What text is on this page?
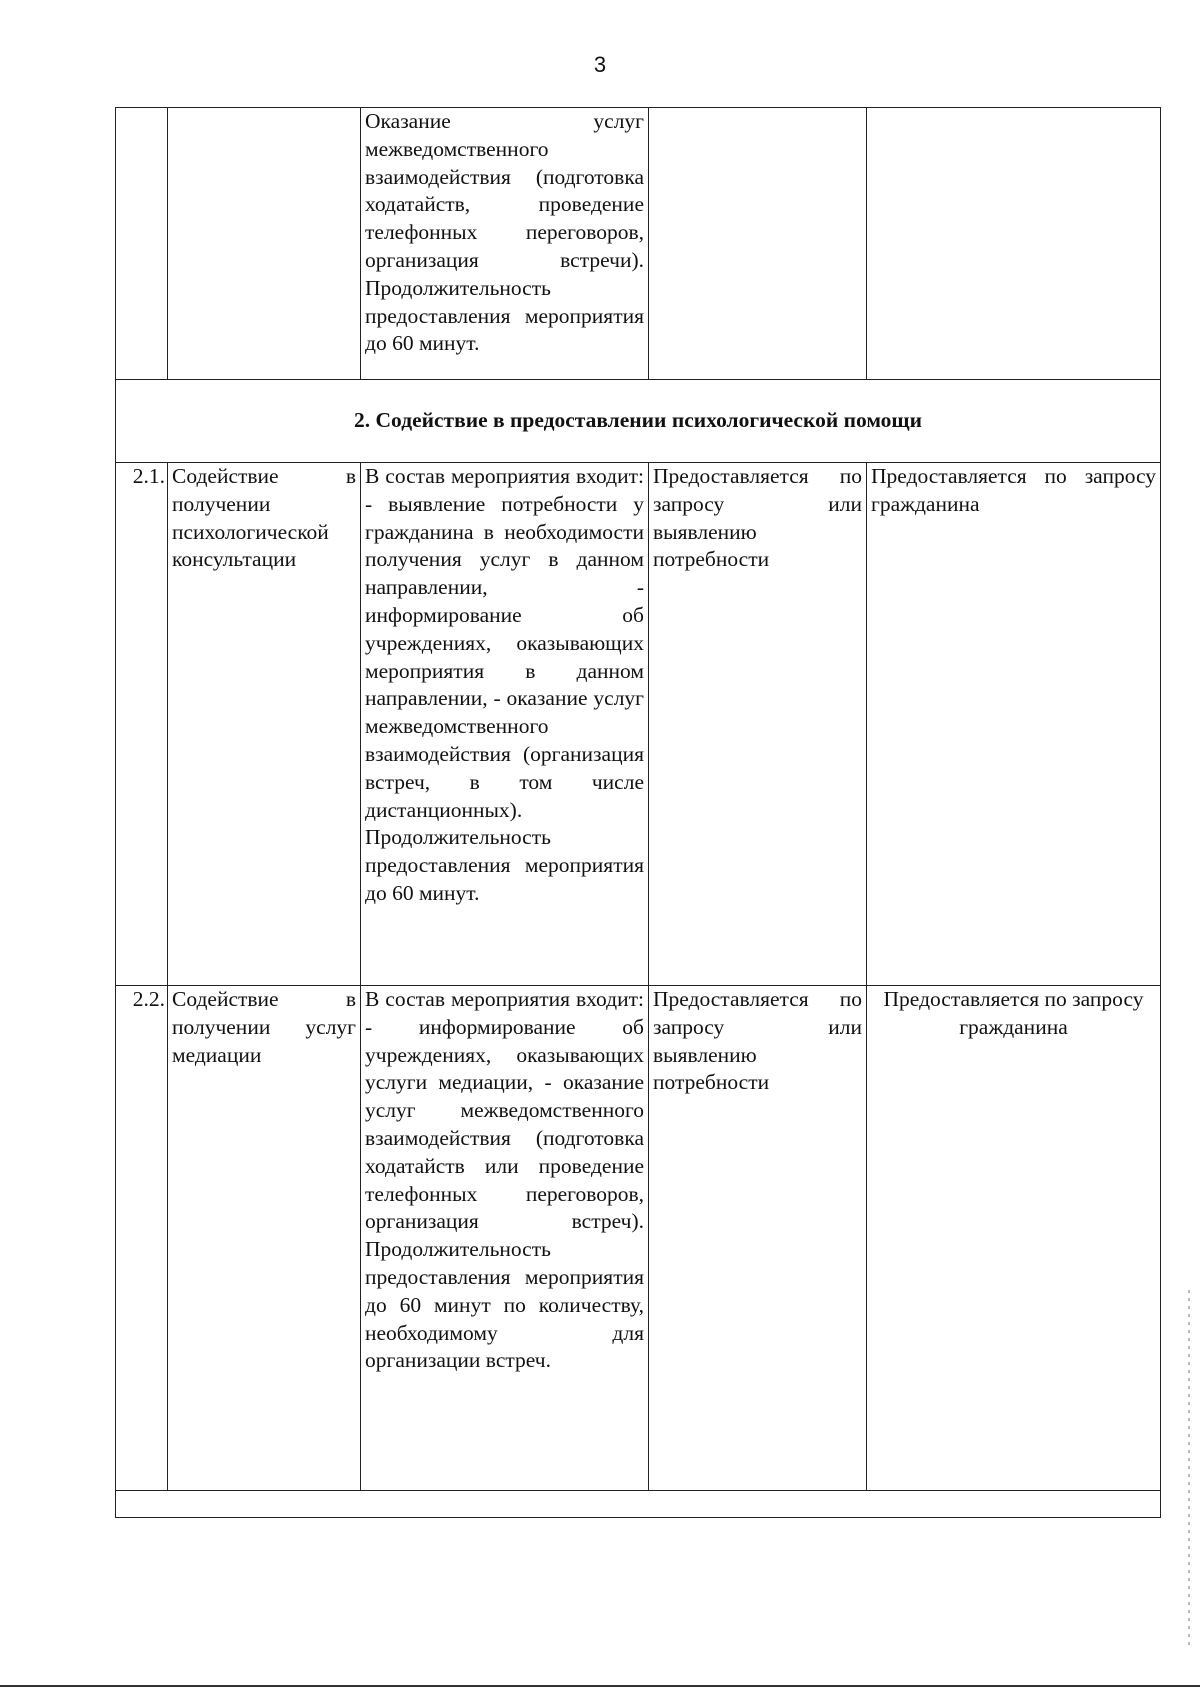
3
		Оказание услуг межведомственного взаимодействия (подготовка ходатайств, проведение телефонных переговоров, организация встречи). Продолжительность предоставления мероприятия до 60 минут.		
2. Содействие в предоставлении психологической помощи				
2.1.	Содействие в получении психологической консультации	В состав мероприятия входит: - выявление потребности у гражданина в необходимости получения услуг в данном направлении, - информирование об учреждениях, оказывающих мероприятия в данном направлении, - оказание услуг межведомственного взаимодействия (организация встреч, в том числе дистанционных). Продолжительность предоставления мероприятия до 60 минут.	Предоставляется по запросу или выявлению потребности	Предоставляется по запросу гражданина
2.2.	Содействие в получении услуг медиации	В состав мероприятия входит: - информирование об учреждениях, оказывающих услуги медиации, - оказание услуг межведомственного взаимодействия (подготовка ходатайств или проведение телефонных переговоров, организация встреч). Продолжительность предоставления мероприятия до 60 минут по количеству, необходимому для организации встреч.	Предоставляется по запросу или выявлению потребности	Предоставляется по запросу гражданина
